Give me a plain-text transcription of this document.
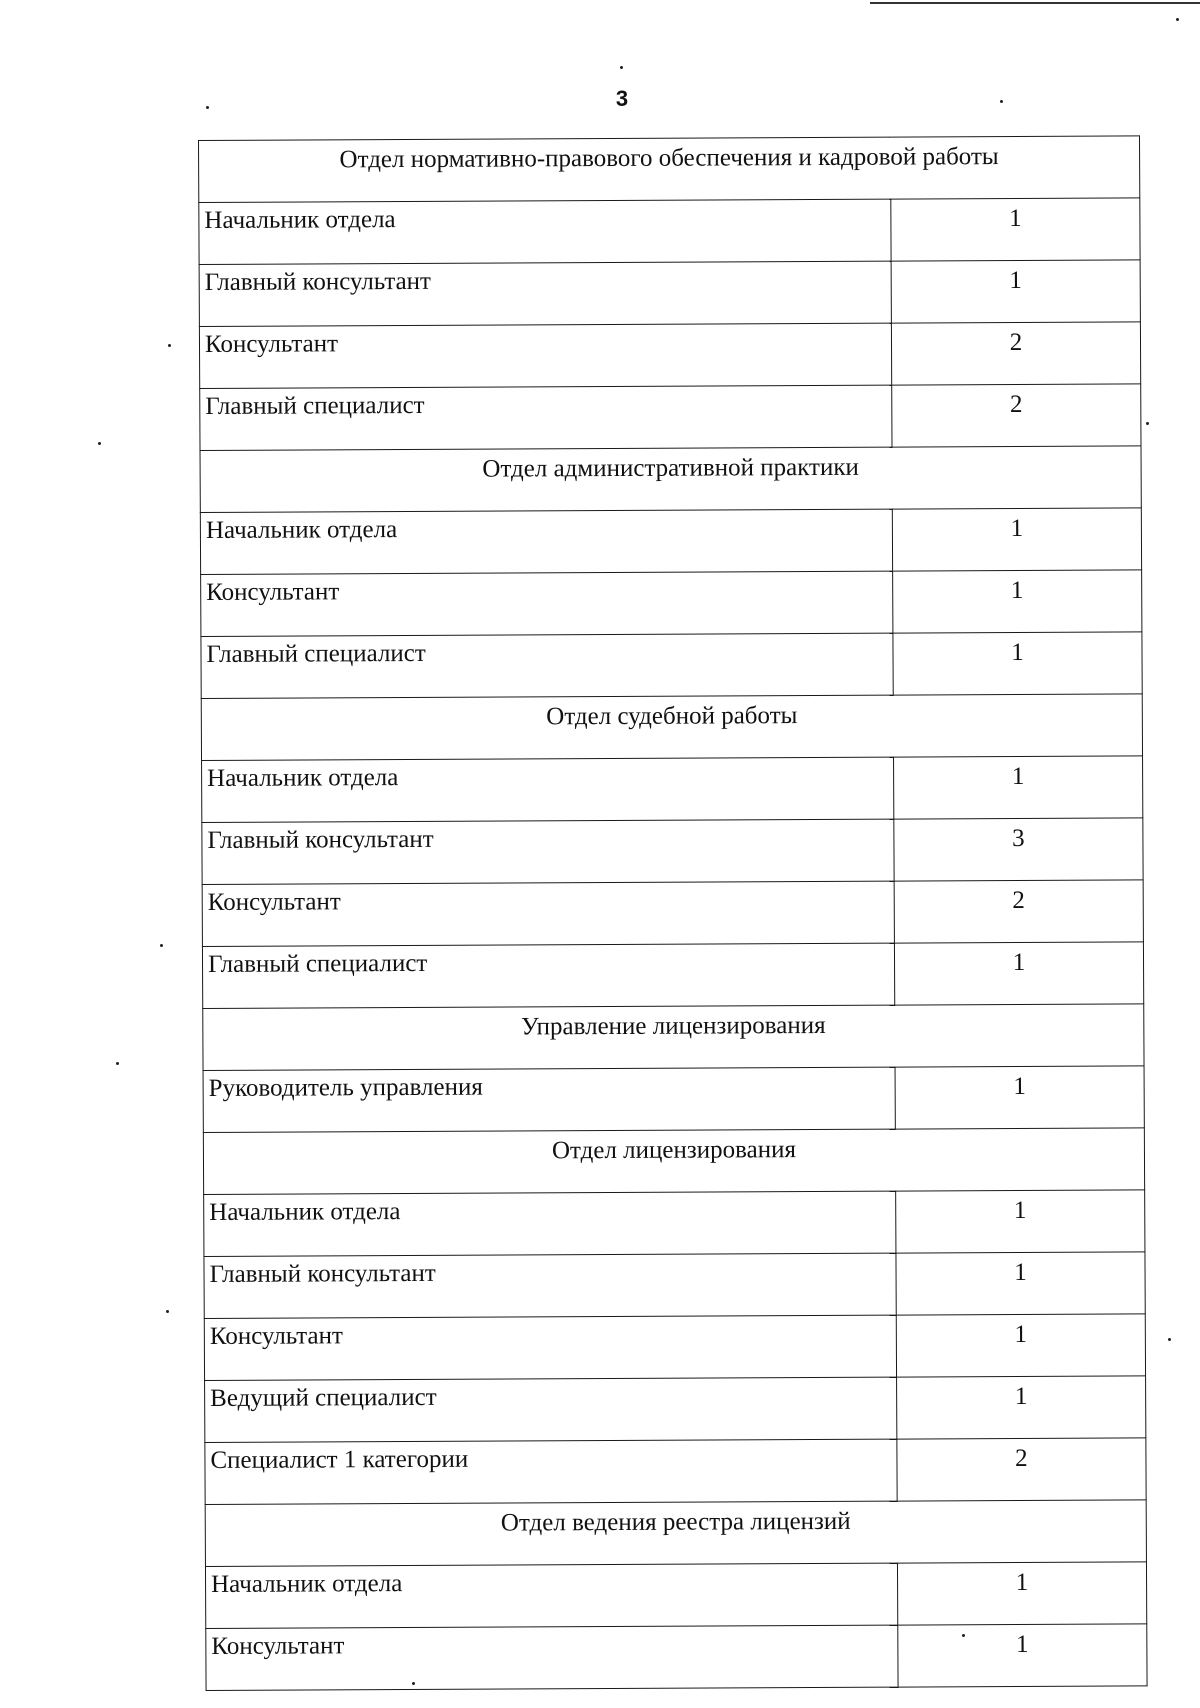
3
Отдел нормативно-правового обеспечения и кадровой работы	
Начальник отдела	1
Главный консультант	1
Консультант	2
Главный специалист	2
Отдел административной практики	
Начальник отдела	1
Консультант	1
Главный специалист	1
Отдел судебной работы	
Начальник отдела	1
Главный консультант	3
Консультант	2
Главный специалист	1
Управление лицензирования	
Руководитель управления	1
Отдел лицензирования	
Начальник отдела	1
Главный консультант	1
Консультант	1
Ведущий специалист	1
Специалист 1 категории	2
Отдел ведения реестра лицензий	
Начальник отдела	1
Консультант	1
